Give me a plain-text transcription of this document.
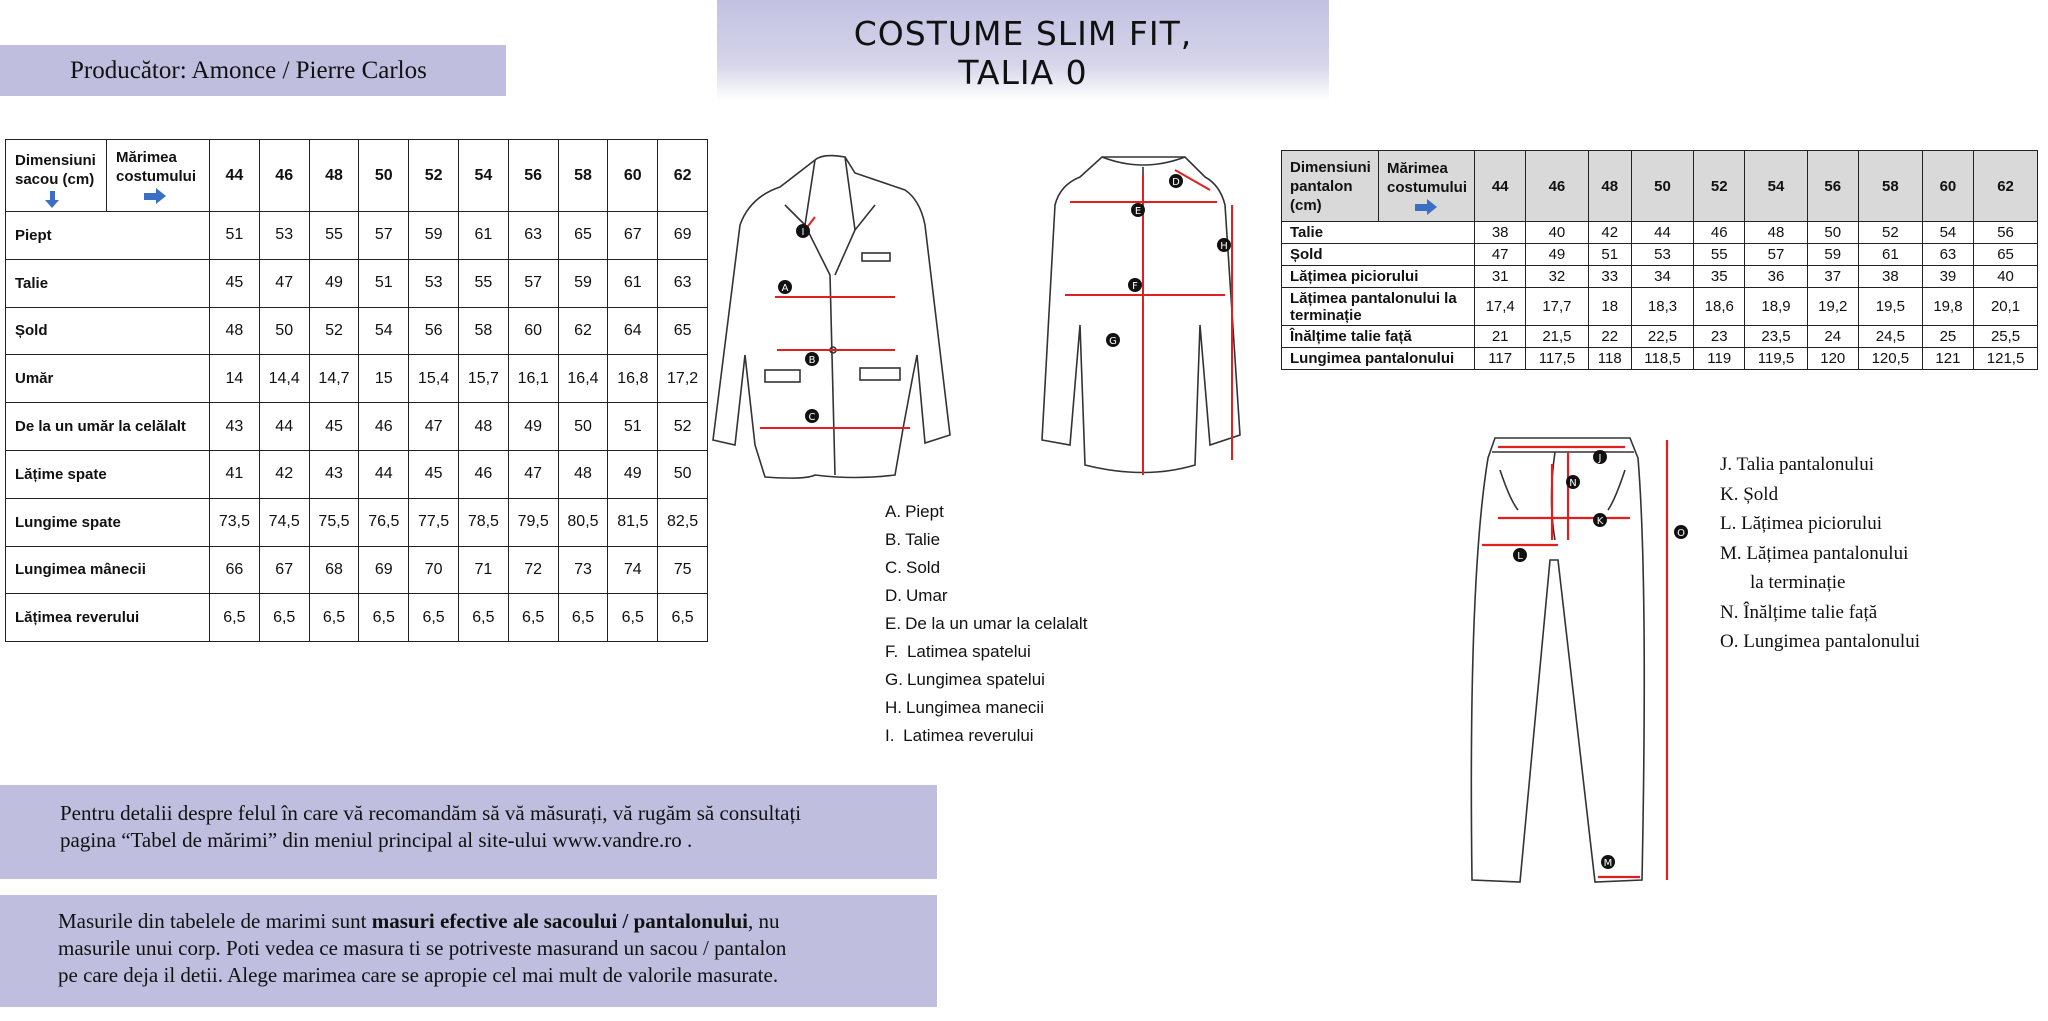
Producător: Amonce / Pierre Carlos
COSTUME SLIM FIT,
TALIA 0
Dimensiuni sacou (cm)	Mărimea costumului	44	46	48	50	52	54	56	58	60	62
Piept		51	53	55	57	59	61	63	65	67	69
Talie		45	47	49	51	53	55	57	59	61	63
Șold		48	50	52	54	56	58	60	62	64	65
Umăr		14	14,4	14,7	15	15,4	15,7	16,1	16,4	16,8	17,2
De la un umăr la celălalt		43	44	45	46	47	48	49	50	51	52
Lățime spate		41	42	43	44	45	46	47	48	49	50
Lungime spate		73,5	74,5	75,5	76,5	77,5	78,5	79,5	80,5	81,5	82,5
Lungimea mânecii		66	67	68	69	70	71	72	73	74	75
Lățimea reverului		6,5	6,5	6,5	6,5	6,5	6,5	6,5	6,5	6,5	6,5
A
B
C
D
E
F
G
H
I
A. Piept
B. Talie
C. Sold
D. Umar
E. De la un umar la celalalt
F. Latimea spatelui
G. Lungimea spatelui
H. Lungimea manecii
I. Latimea reverului
Dimensiuni pantalon (cm)	Mărimea costumului	44	46	48	50	52	54	56	58	60	62
Talie		38	40	42	44	46	48	50	52	54	56
Șold		47	49	51	53	55	57	59	61	63	65
Lățimea piciorului		31	32	33	34	35	36	37	38	39	40
Lățimea pantalonului la terminație		17,4	17,7	18	18,3	18,6	18,9	19,2	19,5	19,8	20,1
Înălțime talie față		21	21,5	22	22,5	23	23,5	24	24,5	25	25,5
Lungimea pantalonului		117	117,5	118	118,5	119	119,5	120	120,5	121	121,5
J
K
L
M
N
O
J. Talia pantalonului
K. Șold
L. Lățimea piciorului
M. Lățimea pantalonului
la terminație
N. Înălțime talie față
O. Lungimea pantalonului
Pentru detalii despre felul în care vă recomandăm să vă măsurați, vă rugăm să consultați
pagina “Tabel de mărimi” din meniul principal al site-ului www.vandre.ro .
Masurile din tabelele de marimi sunt masuri efective ale sacoului / pantalonului, nu
masurile unui corp. Poti vedea ce masura ti se potriveste masurand un sacou / pantalon
pe care deja il detii. Alege marimea care se apropie cel mai mult de valorile masurate.
